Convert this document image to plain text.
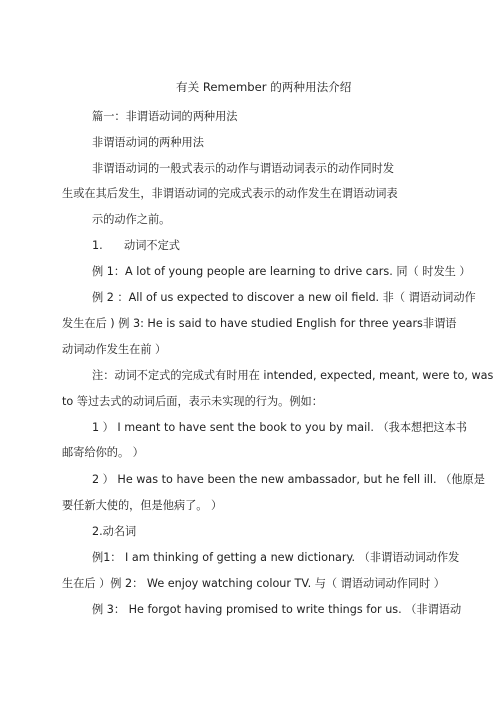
有关 Remember 的两种用法介绍
篇一：非谓语动词的两种用法
非谓语动词的两种用法
非谓语动词的一般式表示的动作与谓语动词表示的动作同时发
生或在其后发生，非谓语动词的完成式表示的动作发生在谓语动词表
示的动作之前。
1.      动词不定式
例 1：A lot of young people are learning to drive cars. 同（ 时发生 ）
例 2 ：All of us expected to discover a new oil field. 非（ 谓语动词动作
发生在后 ) 例 3: He is said to have studied English for three years非谓语
动词动作发生在前 ）
注：动词不定式的完成式有时用在 intended, expected, meant, were to, was
to 等过去式的动词后面，表示未实现的行为。例如：
1 ） I meant to have sent the book to you by mail. （我本想把这本书
邮寄给你的。 ）
2 ） He was to have been the new ambassador, but he fell ill. （他原是
要任新大使的，但是他病了。 ）
2.动名词
例1： I am thinking of getting a new dictionary. （非谓语动词动作发
生在后 ）例 2： We enjoy watching colour TV. 与（ 谓语动词动作同时 ）
例 3： He forgot having promised to write things for us. （非谓语动
